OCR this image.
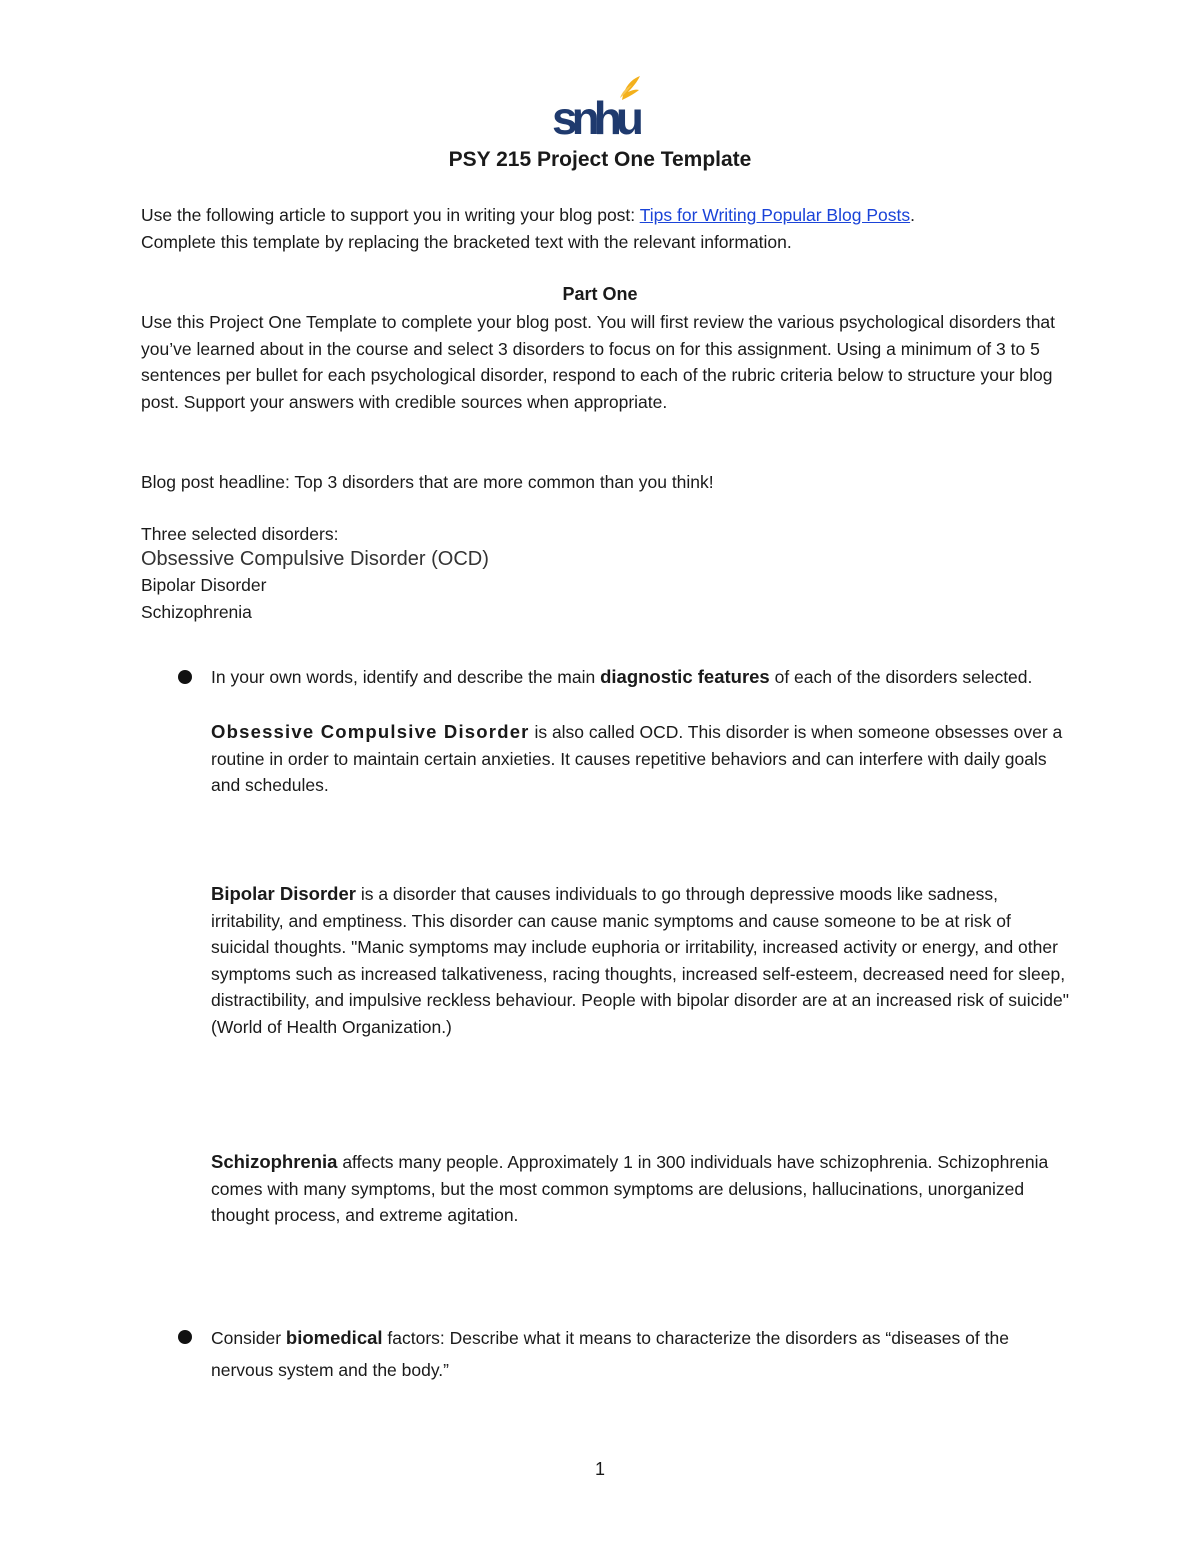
snhu
PSY 215 Project One Template
Use the following article to support you in writing your blog post: Tips for Writing Popular Blog Posts.
Complete this template by replacing the bracketed text with the relevant information.
Part One
Use this Project One Template to complete your blog post. You will first review the various psychological disorders that you’ve learned about in the course and select 3 disorders to focus on for this assignment. Using a minimum of 3 to 5 sentences per bullet for each psychological disorder, respond to each of the rubric criteria below to structure your blog post. Support your answers with credible sources when appropriate.
Blog post headline: Top 3 disorders that are more common than you think!
Three selected disorders:
Obsessive Compulsive Disorder (OCD)
Bipolar Disorder
Schizophrenia
In your own words, identify and describe the main diagnostic features of each of the disorders selected.
Obsessive Compulsive Disorder is also called OCD. This disorder is when someone obsesses over a routine in order to maintain certain anxieties. It causes repetitive behaviors and can interfere with daily goals and schedules.
Bipolar Disorder is a disorder that causes individuals to go through depressive moods like sadness, irritability, and emptiness. This disorder can cause manic symptoms and cause someone to be at risk of suicidal thoughts. "Manic symptoms may include euphoria or irritability, increased activity or energy, and other symptoms such as increased talkativeness, racing thoughts, increased self-esteem, decreased need for sleep, distractibility, and impulsive reckless behaviour. People with bipolar disorder are at an increased risk of suicide" (World of Health Organization.)
Schizophrenia affects many people. Approximately 1 in 300 individuals have schizophrenia. Schizophrenia comes with many symptoms, but the most common symptoms are delusions, hallucinations, unorganized thought process, and extreme agitation.
Consider biomedical factors: Describe what it means to characterize the disorders as “diseases of the nervous system and the body.”
1
